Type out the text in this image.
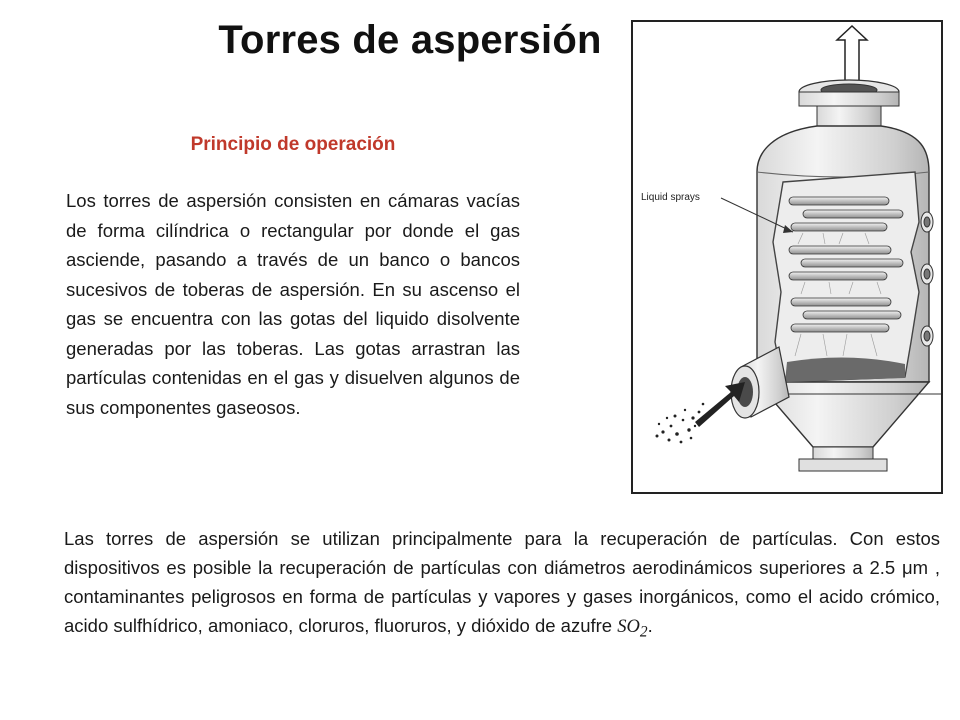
Torres de aspersión
Principio de operación

Los torres de aspersión consisten en cámaras vacías de forma cilíndrica o rectangular por donde el gas asciende, pasando a través de un banco o bancos sucesivos de toberas de aspersión. En su ascenso el gas se encuentra con las gotas del liquido disolvente generadas por las toberas. Las gotas arrastran las partículas contenidas en el gas y disuelven algunos de sus componentes gaseosos.

Liquid sprays

Las torres de aspersión se utilizan principalmente para la recuperación de partículas. Con estos dispositivos es posible la recuperación de partículas con diámetros aerodinámicos superiores a 2.5 μm , contaminantes peligrosos en forma de partículas y vapores y gases inorgánicos, como el acido crómico, acido sulfhídrico, amoniaco, cloruros, fluoruros, y dióxido de azufre $SO_2$.
